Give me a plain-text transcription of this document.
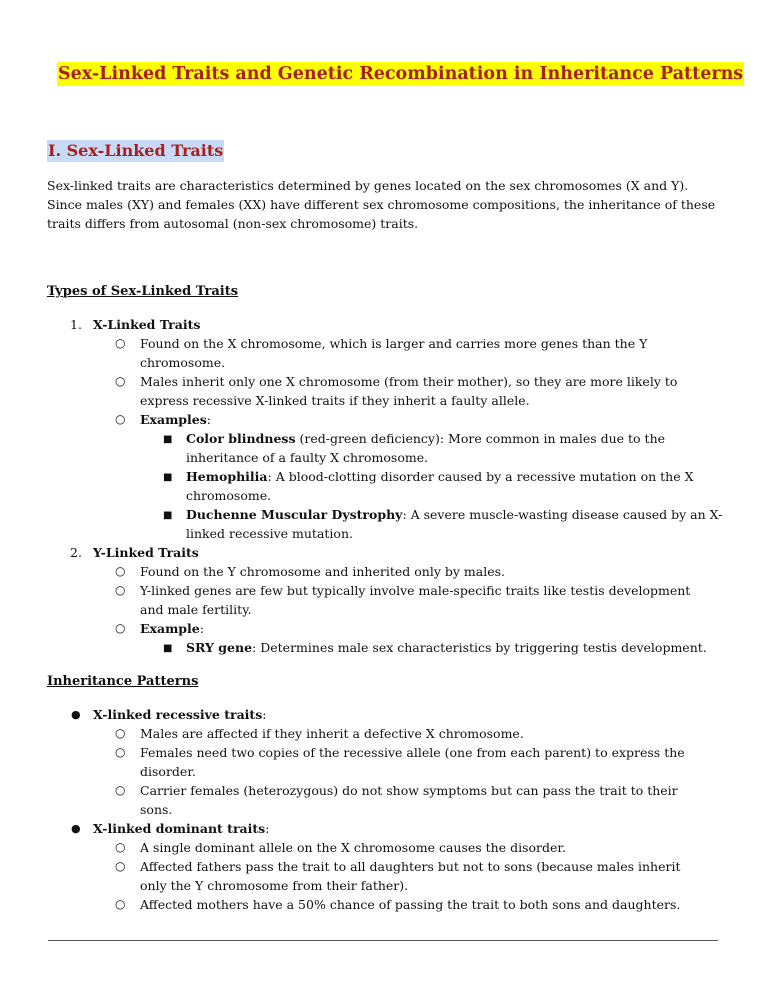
Sex-Linked Traits and Genetic Recombination in Inheritance Patterns
I. Sex-Linked Traits

Sex-linked traits are characteristics determined by genes located on the sex chromosomes (X and Y). Since males (XY) and females (XX) have different sex chromosome compositions, the inheritance of these traits differs from autosomal (non-sex chromosome) traits.

Types of Sex-Linked Traits
1. X-Linked Traits
○ Found on the X chromosome, which is larger and carries more genes than the Y chromosome.
○ Males inherit only one X chromosome (from their mother), so they are more likely to express recessive X-linked traits if they inherit a faulty allele.
○ Examples:
■ Color blindness (red-green deficiency): More common in males due to the inheritance of a faulty X chromosome.
■ Hemophilia: A blood-clotting disorder caused by a recessive mutation on the X chromosome.
■ Duchenne Muscular Dystrophy: A severe muscle-wasting disease caused by an X-linked recessive mutation.
2. Y-Linked Traits
○ Found on the Y chromosome and inherited only by males.
○ Y-linked genes are few but typically involve male-specific traits like testis development and male fertility.
○ Example:
■ SRY gene: Determines male sex characteristics by triggering testis development.
Inheritance Patterns
● X-linked recessive traits:
○ Males are affected if they inherit a defective X chromosome.
○ Females need two copies of the recessive allele (one from each parent) to express the disorder.
○ Carrier females (heterozygous) do not show symptoms but can pass the trait to their sons.
● X-linked dominant traits:
○ A single dominant allele on the X chromosome causes the disorder.
○ Affected fathers pass the trait to all daughters but not to sons (because males inherit only the Y chromosome from their father).
○ Affected mothers have a 50% chance of passing the trait to both sons and daughters.
